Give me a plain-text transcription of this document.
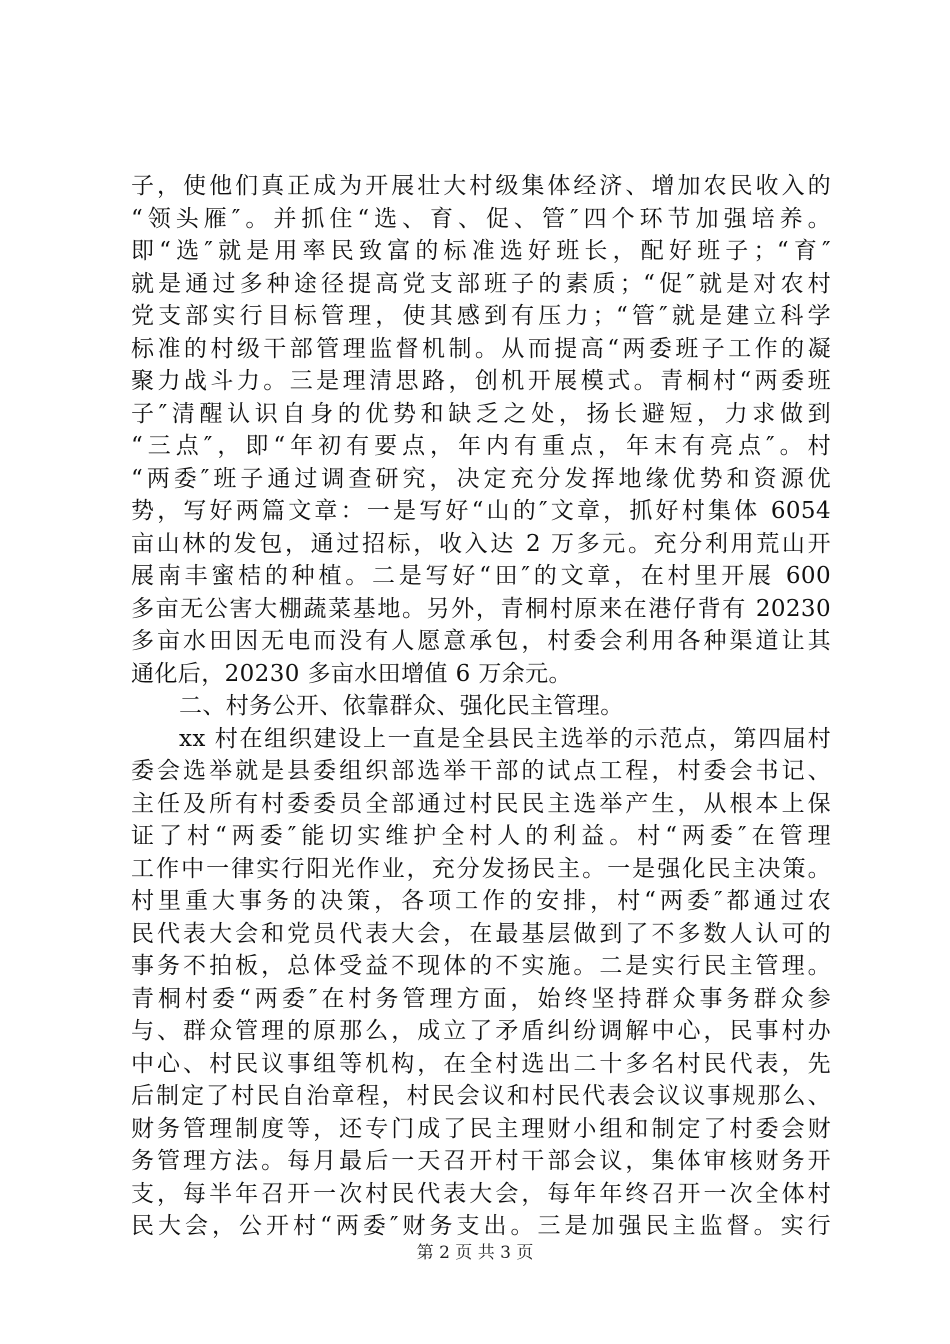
子，使他们真正成为开展壮大村级集体经济、增加农民收入的
“领头雁″。并抓住“选、育、促、管″四个环节加强培养。
即“选″就是用率民致富的标准选好班长，配好班子；“育″
就是通过多种途径提高党支部班子的素质；“促″就是对农村
党支部实行目标管理，使其感到有压力；“管″就是建立科学
标准的村级干部管理监督机制。从而提高“两委班子工作的凝
聚力战斗力。三是理清思路，创机开展模式。青桐村“两委班
子″清醒认识自身的优势和缺乏之处，扬长避短，力求做到
“三点″，即“年初有要点，年内有重点，年末有亮点″。村
“两委″班子通过调查研究，决定充分发挥地缘优势和资源优
势，写好两篇文章：一是写好“山的″文章，抓好村集体 6054
亩山林的发包，通过招标，收入达 2 万多元。充分利用荒山开
展南丰蜜桔的种植。二是写好“田″的文章，在村里开展 600
多亩无公害大棚蔬菜基地。另外，青桐村原来在港仔背有 20230
多亩水田因无电而没有人愿意承包，村委会利用各种渠道让其
通化后，20230 多亩水田增值 6 万余元。
二、村务公开、依靠群众、强化民主管理。
xx 村在组织建设上一直是全县民主选举的示范点，第四届村
委会选举就是县委组织部选举干部的试点工程，村委会书记、
主任及所有村委委员全部通过村民民主选举产生，从根本上保
证了村“两委″能切实维护全村人的利益。村“两委″在管理
工作中一律实行阳光作业，充分发扬民主。一是强化民主决策。
村里重大事务的决策，各项工作的安排，村“两委″都通过农
民代表大会和党员代表大会，在最基层做到了不多数人认可的
事务不拍板，总体受益不现体的不实施。二是实行民主管理。
青桐村委“两委″在村务管理方面，始终坚持群众事务群众参
与、群众管理的原那么，成立了矛盾纠纷调解中心，民事村办
中心、村民议事组等机构，在全村选出二十多名村民代表，先
后制定了村民自治章程，村民会议和村民代表会议议事规那么、
财务管理制度等，还专门成了民主理财小组和制定了村委会财
务管理方法。每月最后一天召开村干部会议，集体审核财务开
支，每半年召开一次村民代表大会，每年年终召开一次全体村
民大会，公开村“两委″财务支出。三是加强民主监督。实行
第 2 页 共 3 页
